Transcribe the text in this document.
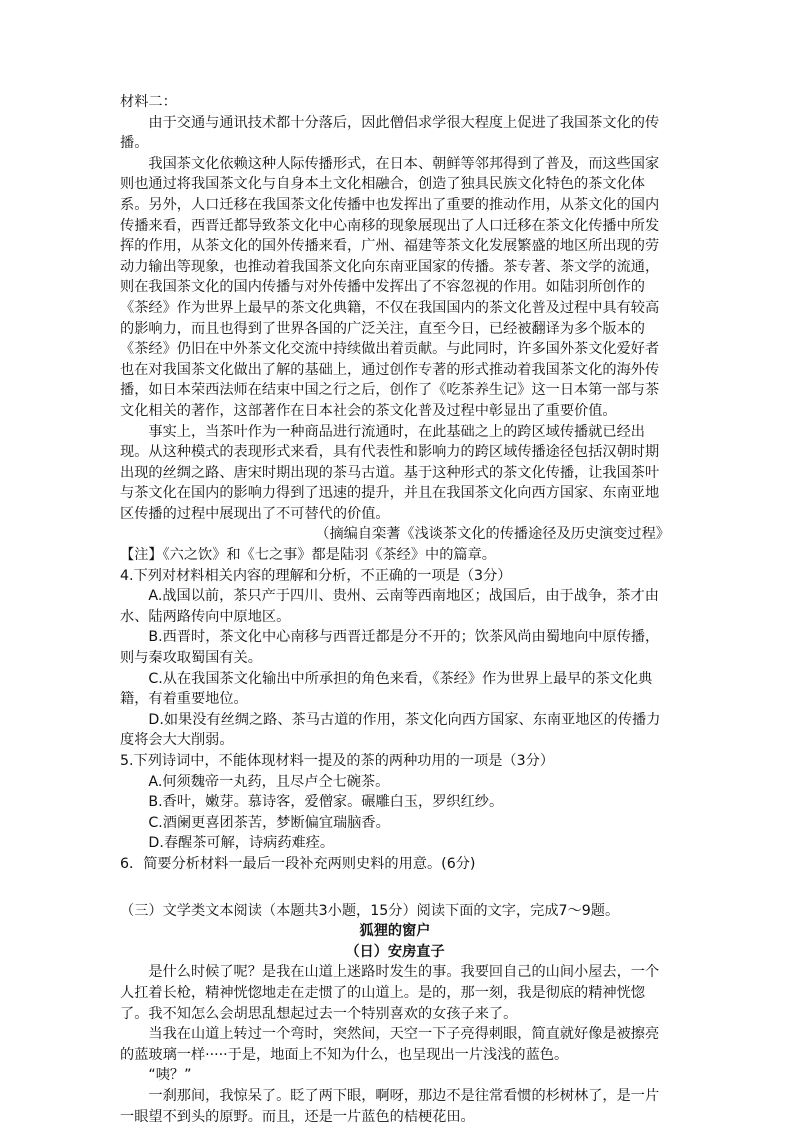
材料二：

由于交通与通讯技术都十分落后，因此僧侣求学很大程度上促进了我国茶文化的传播。

我国茶文化依赖这种人际传播形式，在日本、朝鲜等邻邦得到了普及，而这些国家则也通过将我国茶文化与自身本土文化相融合，创造了独具民族文化特色的茶文化体系。另外，人口迁移在我国茶文化传播中也发挥出了重要的推动作用，从茶文化的国内传播来看，西晋迁都导致茶文化中心南移的现象展现出了人口迁移在茶文化传播中所发挥的作用，从茶文化的国外传播来看，广州、福建等茶文化发展繁盛的地区所出现的劳动力输出等现象，也推动着我国茶文化向东南亚国家的传播。茶专著、茶文学的流通，则在我国茶文化的国内传播与对外传播中发挥出了不容忽视的作用。如陆羽所创作的《茶经》作为世界上最早的茶文化典籍，不仅在我国国内的茶文化普及过程中具有较高的影响力，而且也得到了世界各国的广泛关注，直至今日，已经被翻译为多个版本的《茶经》仍旧在中外茶文化交流中持续做出着贡献。与此同时，许多国外茶文化爱好者也在对我国茶文化做出了解的基础上，通过创作专著的形式推动着我国茶文化的海外传播，如日本荣西法师在结束中国之行之后，创作了《吃茶养生记》这一日本第一部与茶文化相关的著作，这部著作在日本社会的茶文化普及过程中彰显出了重要价值。

事实上，当茶叶作为一种商品进行流通时，在此基础之上的跨区域传播就已经出现。从这种模式的表现形式来看，具有代表性和影响力的跨区域传播途径包括汉朝时期出现的丝绸之路、唐宋时期出现的茶马古道。基于这种形式的茶文化传播，让我国茶叶与茶文化在国内的影响力得到了迅速的提升，并且在我国茶文化向西方国家、东南亚地区传播的过程中展现出了不可替代的价值。

（摘编自栾蓍《浅谈茶文化的传播途径及历史演变过程》

【注】《六之饮》和《七之事》都是陆羽《茶经》中的篇章。

4.下列对材料相关内容的理解和分析，不正确的一项是（3分）

A.战国以前，茶只产于四川、贵州、云南等西南地区；战国后，由于战争，茶才由水、陆两路传向中原地区。

B.西晋时，茶文化中心南移与西晋迁都是分不开的；饮茶风尚由蜀地向中原传播，则与秦攻取蜀国有关。

C.从在我国茶文化输出中所承担的角色来看，《茶经》作为世界上最早的茶文化典籍，有着重要地位。

D.如果没有丝绸之路、茶马古道的作用，茶文化向西方国家、东南亚地区的传播力度将会大大削弱。

5.下列诗词中，不能体现材料一提及的茶的两种功用的一项是（3分）

A.何须魏帝一丸药，且尽卢仝七碗茶。

B.香叶，嫩芽。慕诗客，爱僧家。碾雕白玉，罗织红纱。

C.酒阑更喜团茶苦，梦断偏宜瑞脑香。

D.春醒茶可解，诗病药难痊。

6．简要分析材料一最后一段补充两则史料的用意。(6分)

（三）文学类文本阅读（本题共3小题，15分）阅读下面的文字，完成7～9题。

狐狸的窗户

（日）安房直子

是什么时候了呢？是我在山道上迷路时发生的事。我要回自己的山间小屋去，一个人扛着长枪，精神恍惚地走在走惯了的山道上。是的，那一刻，我是彻底的精神恍惚了。我不知怎么会胡思乱想起过去一个特别喜欢的女孩子来了。

当我在山道上转过一个弯时，突然间，天空一下子亮得刺眼，简直就好像是被擦亮的蓝玻璃一样·····于是，地面上不知为什么，也呈现出一片浅浅的蓝色。

“咦？”

一刹那间，我惊呆了。眨了两下眼，啊呀，那边不是往常看惯的杉树林了，是一片一眼望不到头的原野。而且，还是一片蓝色的桔梗花田。
